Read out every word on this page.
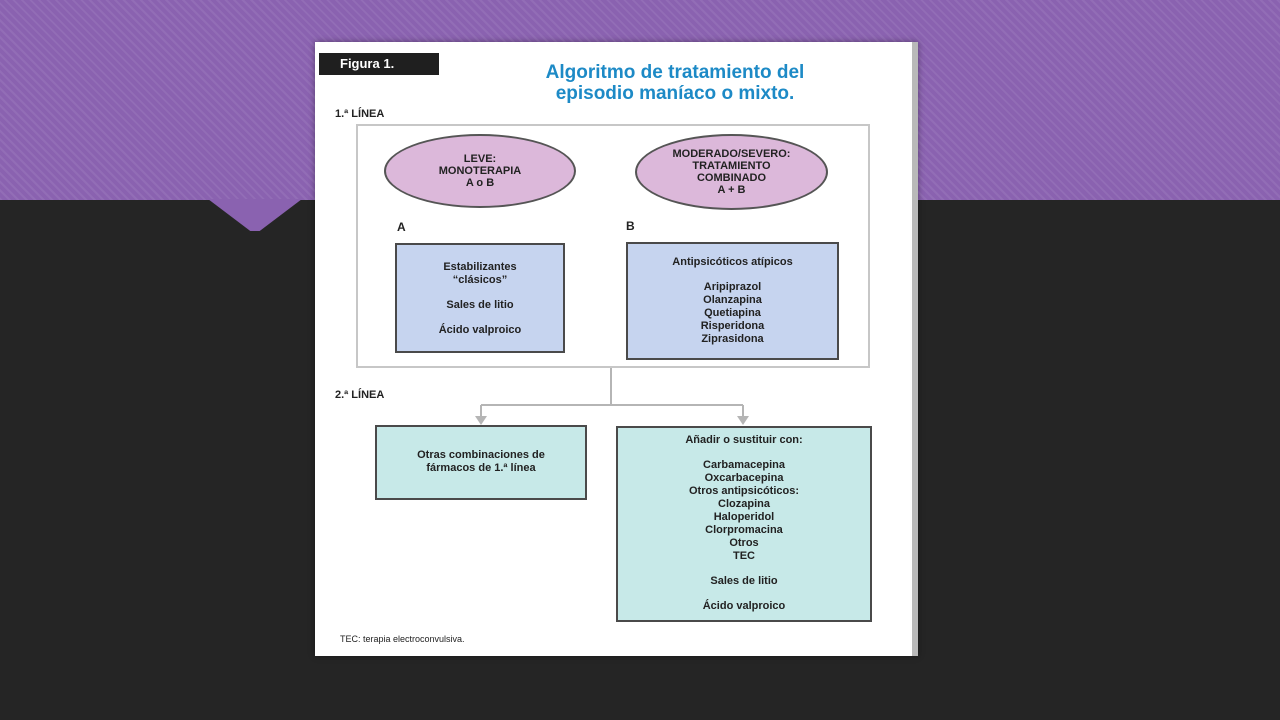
Figura 1.	Algoritmo de tratamiento del
episodio maníaco o mixto.
1.ª LÍNEA
LEVE:
MONOTERAPIA
A o B
MODERADO/SEVERO:
TRATAMIENTO
COMBINADO
A + B
A	B
Estabilizantes
“clásicos”
Sales de litio
Ácido valproico
Antipsicóticos atípicos
Aripiprazol
Olanzapina
Quetiapina
Risperidona
Ziprasidona
2.ª LÍNEA
Otras combinaciones de
fármacos de 1.ª línea
Añadir o sustituir con:
Carbamacepina
Oxcarbacepina
Otros antipsicóticos:
Clozapina
Haloperidol
Clorpromacina
Otros
TEC
Sales de litio
Ácido valproico
TEC: terapia electroconvulsiva.
